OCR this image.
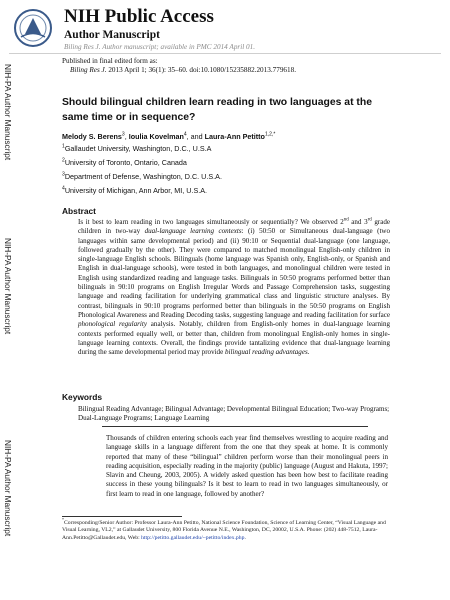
NIH Public Access
Author Manuscript
Biling Res J. Author manuscript; available in PMC 2014 April 01.
NIH-PA Author Manuscript
NIH-PA Author Manuscript
NIH-PA Author Manuscript
Published in final edited form as:
Biling Res J. 2013 April 1; 36(1): 35–60. doi:10.1080/15235882.2013.779618.
Should bilingual children learn reading in two languages at the
same time or in sequence?
Melody S. Berens$^3$, Ioulia Kovelman$^4$, and Laura-Ann Petitto$^{1,2,*}$
$^1$Gallaudet University, Washington, D.C., U.S.A
$^2$University of Toronto, Ontario, Canada
$^3$Department of Defense, Washington, D.C. U.S.A.
$^4$University of Michigan, Ann Arbor, MI, U.S.A.
Abstract
Is it best to learn reading in two languages simultaneously or sequentially? We observed 2nd and 3rd grade children in two-way dual-language learning contexts: (i) 50:50 or Simultaneous dual-language (two languages within same developmental period) and (ii) 90:10 or Sequential dual-language (one language, followed gradually by the other). They were compared to matched monolingual English-only children in single-language English schools. Bilinguals (home language was Spanish only, English-only, or Spanish and English in dual-language schools), were tested in both languages, and monolingual children were tested in English using standardized reading and language tasks. Bilinguals in 50:50 programs performed better than bilinguals in 90:10 programs on English Irregular Words and Passage Comprehension tasks, suggesting language and reading facilitation for underlying grammatical class and linguistic structure analyses. By contrast, bilinguals in 90:10 programs performed better than bilinguals in the 50:50 programs on English Phonological Awareness and Reading Decoding tasks, suggesting language and reading facilitation for surface phonological regularity analysis. Notably, children from English-only homes in dual-language learning contexts performed equally well, or better than, children from monolingual English-only homes in single-language learning contexts. Overall, the findings provide tantalizing evidence that dual-language learning during the same developmental period may provide bilingual reading advantages.
Keywords
Bilingual Reading Advantage; Bilingual Advantage; Developmental Bilingual Education; Two-way Programs; Dual-Language Programs; Language Learning
Thousands of children entering schools each year find themselves wrestling to acquire reading and language skills in a language different from the one that they speak at home. It is commonly reported that many of these “bilingual” children perform worse than their monolingual peers in reading acquisition, especially reading in the majority (public) language (August and Hakuta, 1997; Slavin and Cheung, 2003, 2005). A widely asked question has been how best to facilitate reading success in these young bilinguals? Is it best to learn to read in two languages simultaneously, or first learn to read in one language, followed by another?
*Corresponding/Senior Author: Professor Laura-Ann Petitto, National Science Foundation, Science of Learning Center, “Visual Language and Visual Learning, VL2,” at Gallaudet University, 800 Florida Avenue N.E., Washington, DC, 20002, U.S.A. Phone: (202) 448-7512, Laura-Ann.Petitto@Gallaudet.edu, Web: http://petitto.gallaudet.edu/~petitto/index.php.
